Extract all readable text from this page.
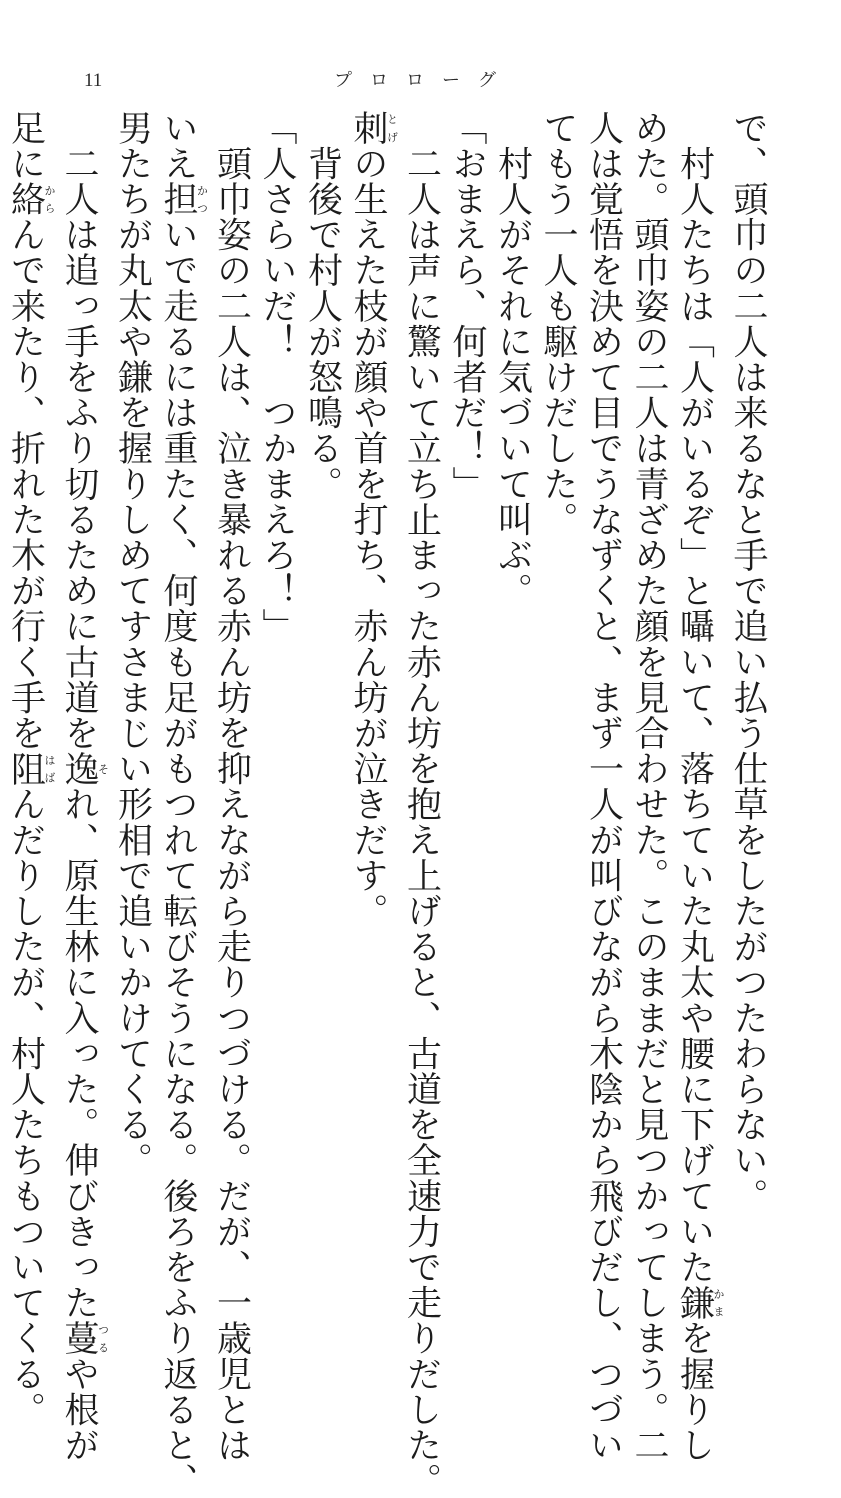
11	プロローグ

で、頭巾の二人は来るなと手で追い払う仕草をしたがつたわらない。

　村人たちは「人がいるぞ」と囁いて、落ちていた丸太や腰に下げていた鎌かまを握りし

めた。頭巾姿の二人は青ざめた顔を見合わせた。このままだと見つかってしまう。二

人は覚悟を決めて目でうなずくと、まず一人が叫びながら木陰から飛びだし、つづい

てもう一人も駆けだした。

　村人がそれに気づいて叫ぶ。

「おまえら、何者だ！」

　二人は声に驚いて立ち止まった赤ん坊を抱え上げると、古道を全速力で走りだした。

刺とげの生えた枝が顔や首を打ち、赤ん坊が泣きだす。

　背後で村人が怒鳴る。

「人さらいだ！　つかまえろ！」

　頭巾姿の二人は、泣き暴れる赤ん坊を抑えながら走りつづける。だが、一歳児とは

いえ担かついで走るには重たく、何度も足がもつれて転びそうになる。後ろをふり返ると、

男たちが丸太や鎌を握りしめてすさまじい形相で追いかけてくる。

　二人は追っ手をふり切るために古道を逸それ、原生林に入った。伸びきった蔓つるや根が

足に絡からんで来たり、折れた木が行く手を阻はばんだりしたが、村人たちもついてくる。
